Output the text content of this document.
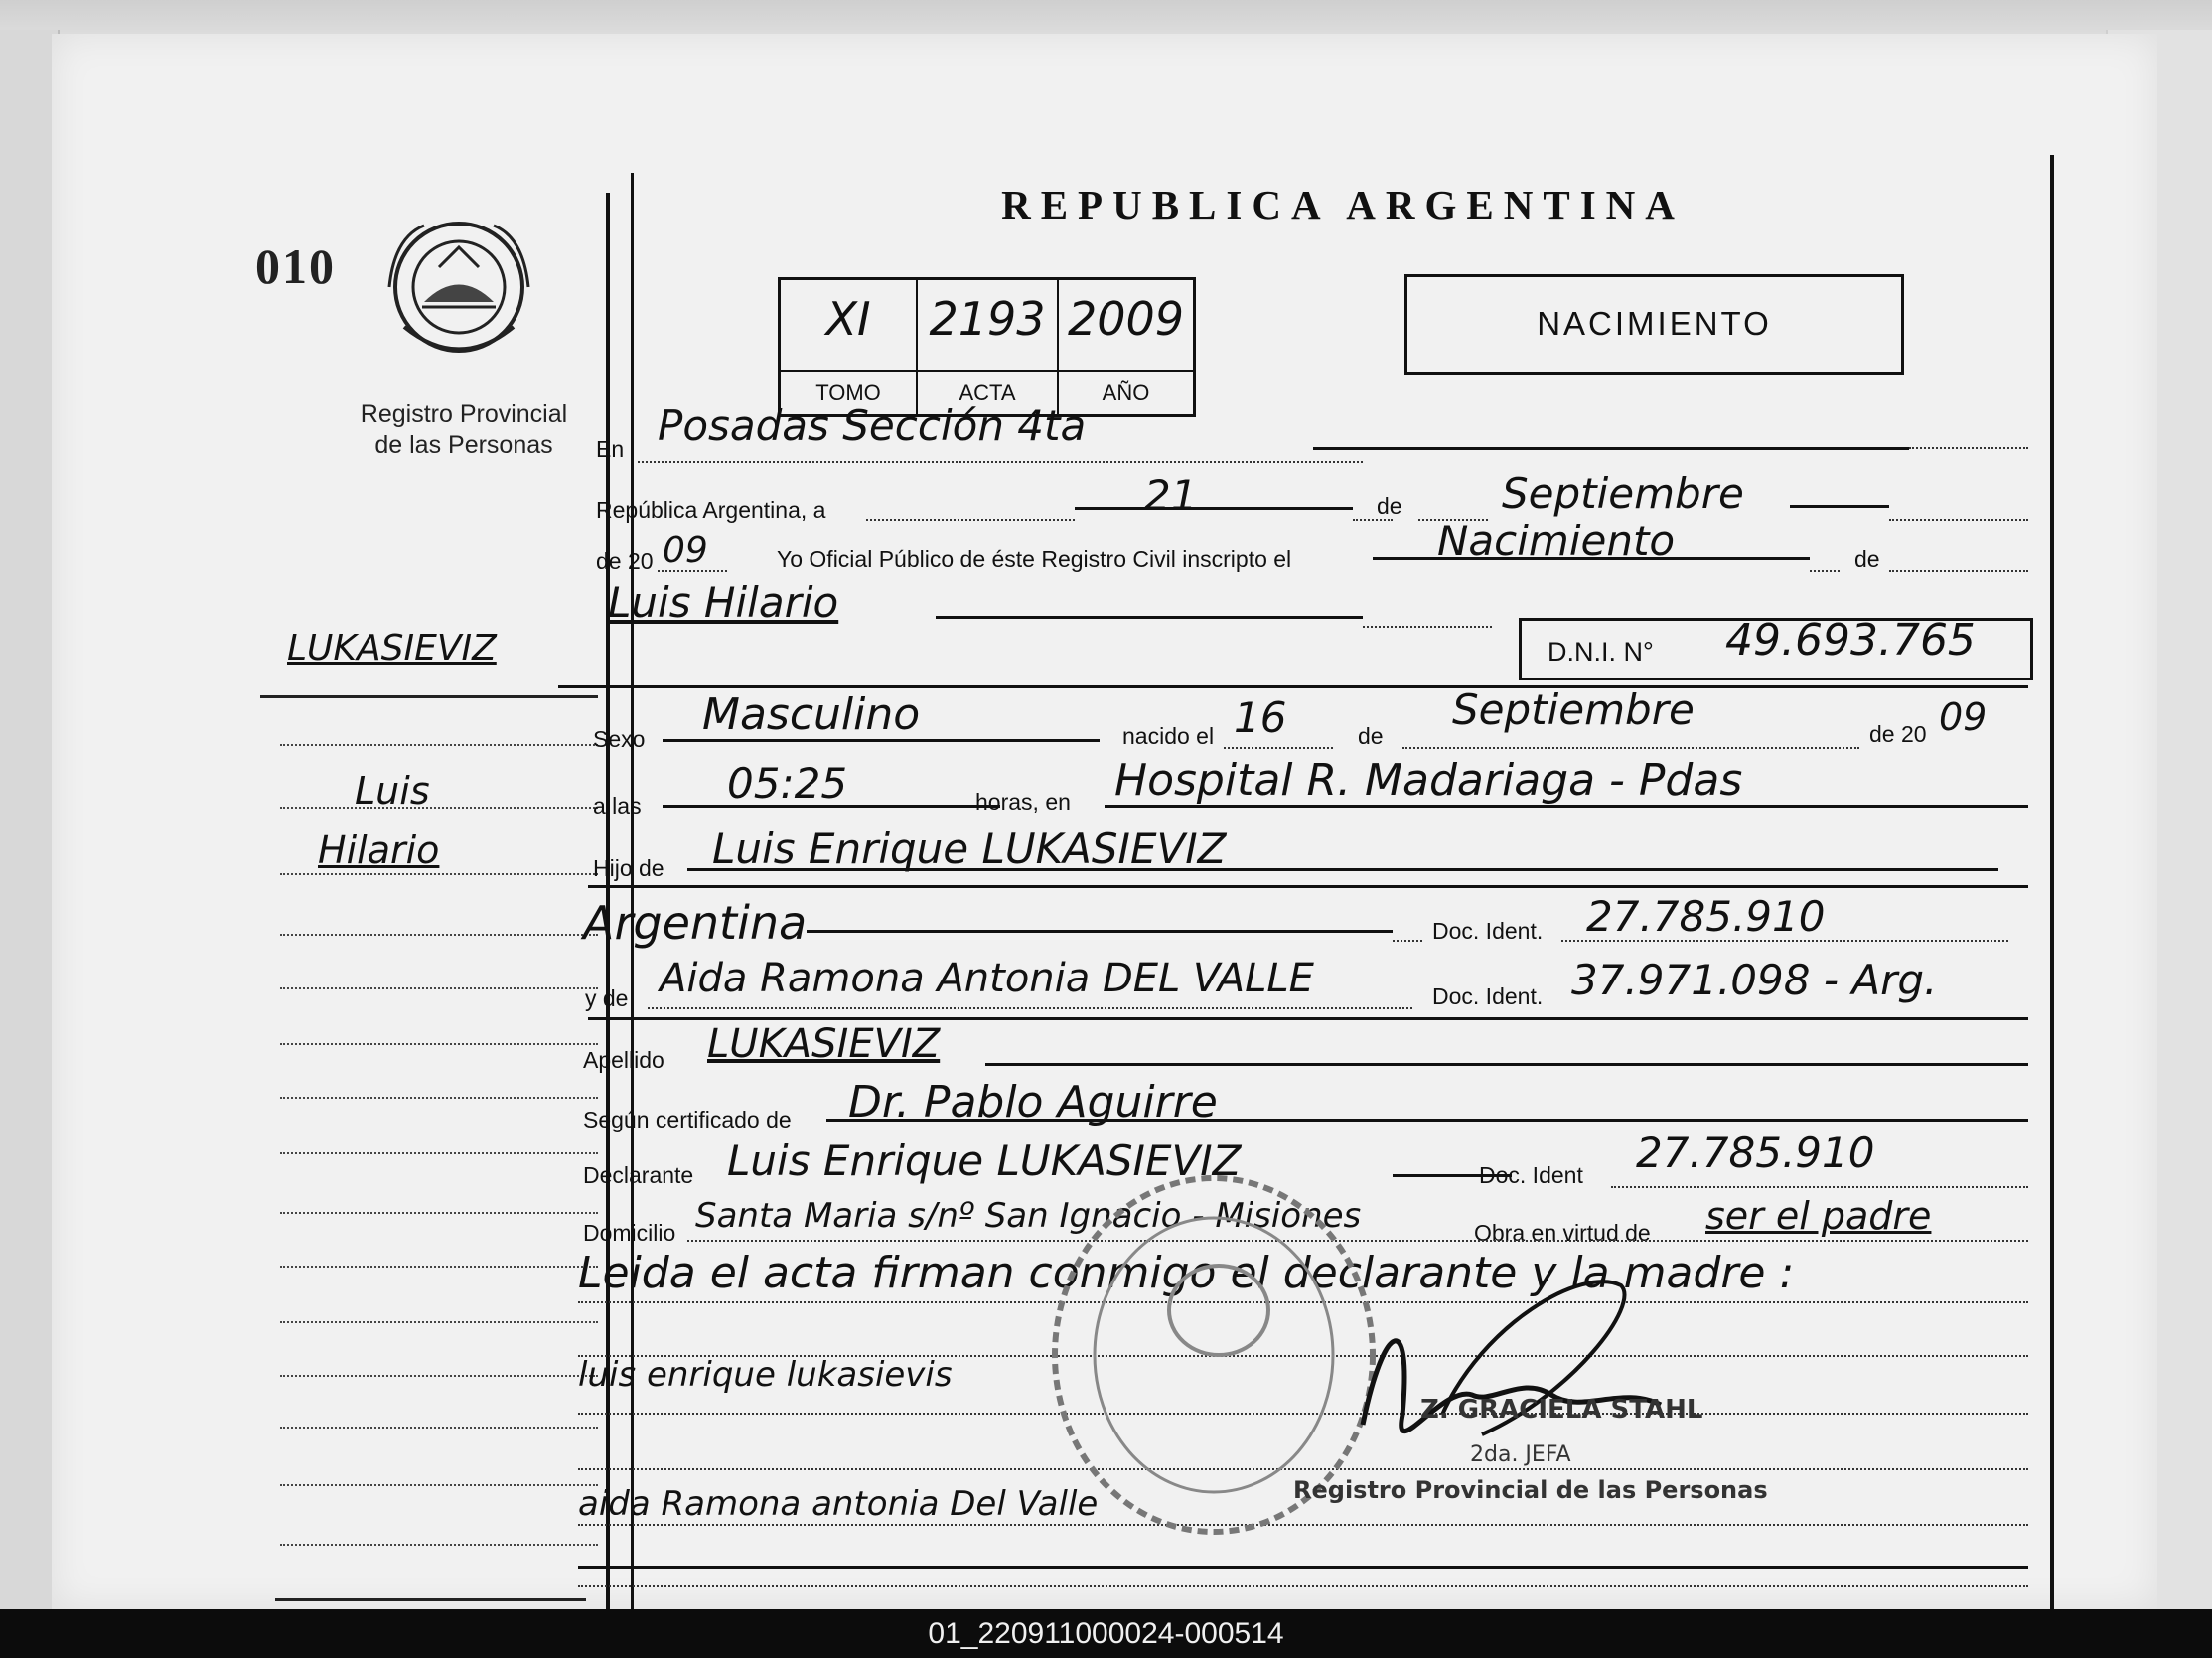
010
Registro Provincial
de las Personas
LUKASIEVIZ
Luis
Hilario
REPUBLICA ARGENTINA
XI	2193 2009
TOMO	ACTA	AÑO
NACIMIENTO
En Posadas Sección 4ta
República Argentina, a	21	de Septiembre
de 20 09	Yo Oficial Público de éste Registro Civil inscripto el	Nacimiento	de
Luis Hilario
D.N.I. N° 49.693.765
Sexo Masculino	nacido el 16	de
Septiembre	de 20 09
a las 05:25	horas, en Hospital R. Madariaga - Pdas
Hijo de Luis Enrique LUKASIEVIZ
Argentina	Doc. Ident. 27.785.910
y de Aida Ramona Antonia DEL VALLE	Doc. Ident. 37.971.098 - Arg.
Apellido LUKASIEVIZ
Según certificado de Dr. Pablo Aguirre
Declarante Luis Enrique LUKASIEVIZ	Doc. Ident 27.785.910
Domicilio Santa Maria s/nº San Ignacio - Misiones	Obra en virtud de ser el padre
Leida el acta firman conmigo el declarante y la madre :
luis enrique lukasievis
aida Ramona antonia Del Valle
Z. GRACIELA STAHL
2da. JEFA
Registro Provincial de las Personas
01_220911000024-000514
